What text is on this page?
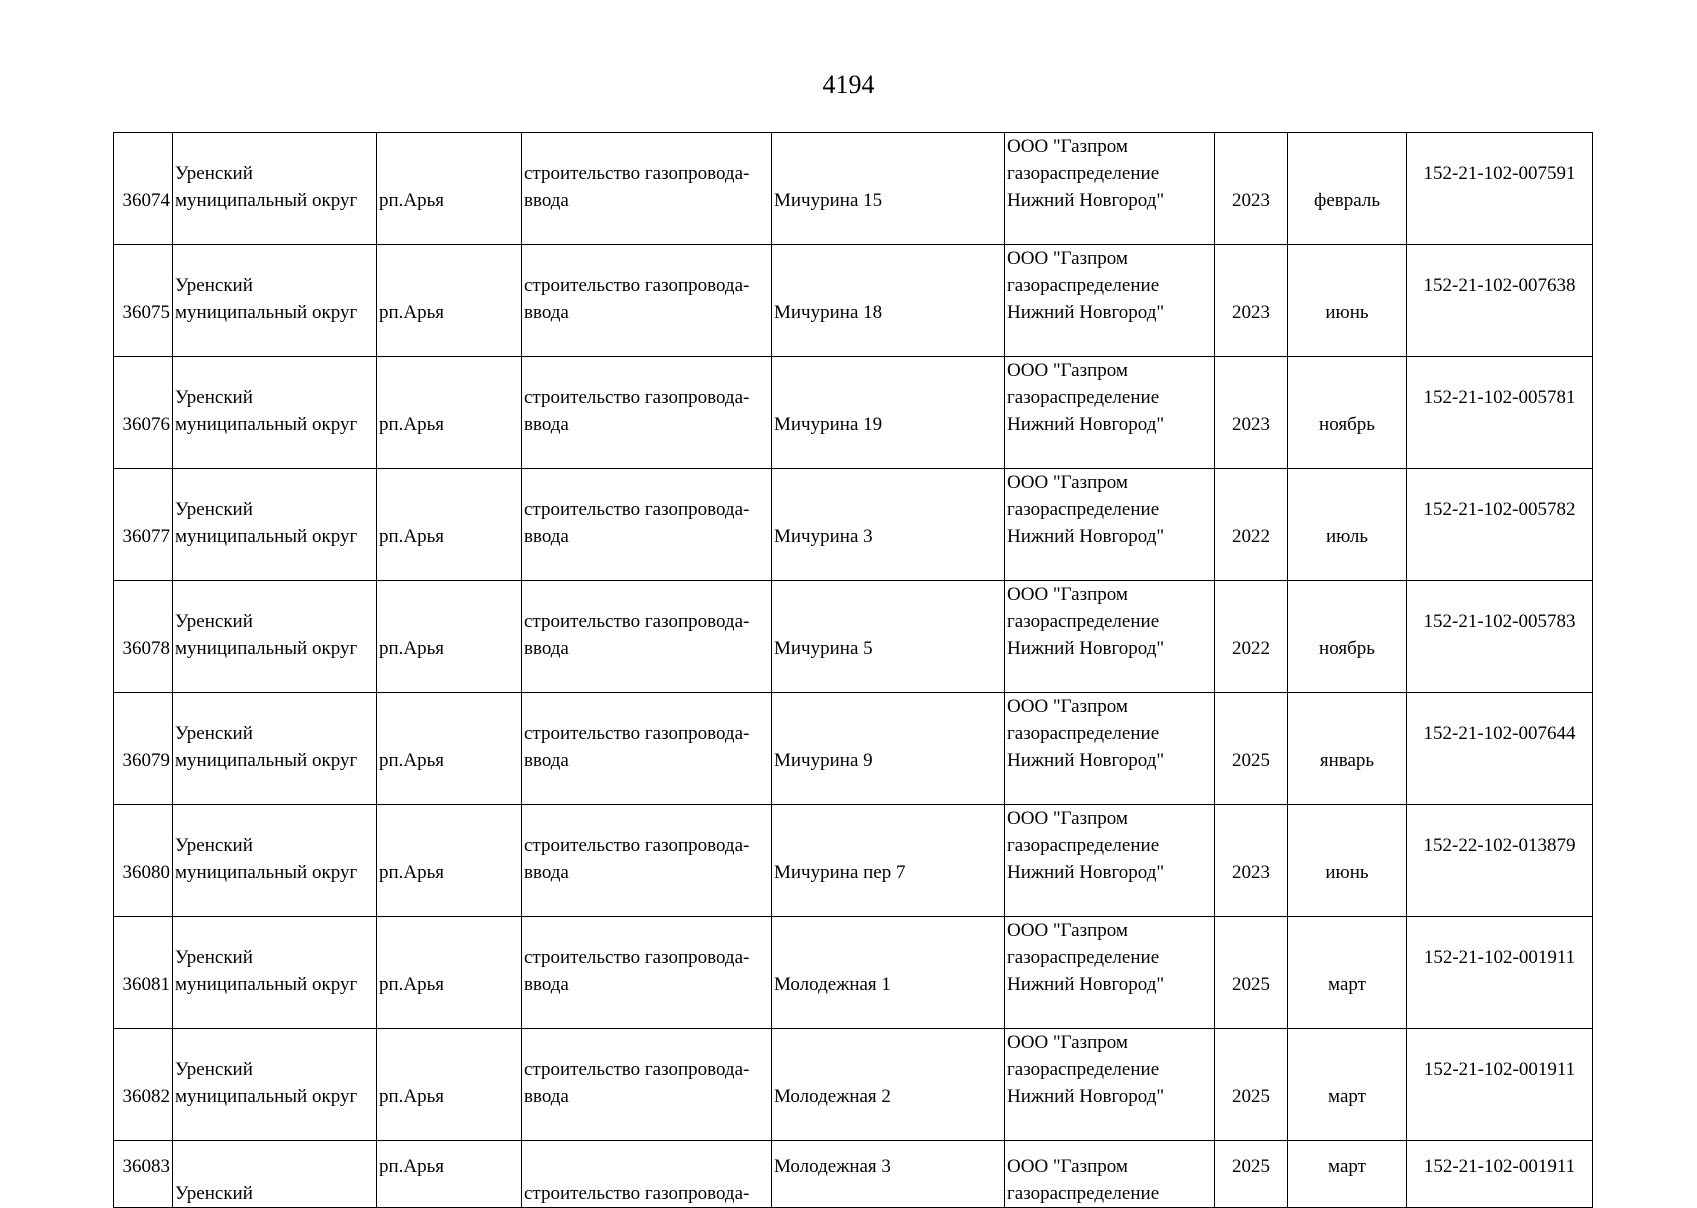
4194
36074	Уренский
муниципальный округ	рп.Арья	строительство газопровода-
ввода	Мичурина 15	ООО "Газпром
газораспределение
Нижний Новгород"	2023	февраль	152-21-102-007591

36075	Уренский
муниципальный округ	рп.Арья	строительство газопровода-
ввода	Мичурина 18	ООО "Газпром
газораспределение
Нижний Новгород"	2023	июнь	152-21-102-007638

36076	Уренский
муниципальный округ	рп.Арья	строительство газопровода-
ввода	Мичурина 19	ООО "Газпром
газораспределение
Нижний Новгород"	2023	ноябрь	152-21-102-005781

36077	Уренский
муниципальный округ	рп.Арья	строительство газопровода-
ввода	Мичурина 3	ООО "Газпром
газораспределение
Нижний Новгород"	2022	июль	152-21-102-005782

36078	Уренский
муниципальный округ	рп.Арья	строительство газопровода-
ввода	Мичурина 5	ООО "Газпром
газораспределение
Нижний Новгород"	2022	ноябрь	152-21-102-005783

36079	Уренский
муниципальный округ	рп.Арья	строительство газопровода-
ввода	Мичурина 9	ООО "Газпром
газораспределение
Нижний Новгород"	2025	январь	152-21-102-007644

36080	Уренский
муниципальный округ	рп.Арья	строительство газопровода-
ввода	Мичурина пер 7	ООО "Газпром
газораспределение
Нижний Новгород"	2023	июнь	152-22-102-013879

36081	Уренский
муниципальный округ	рп.Арья	строительство газопровода-
ввода	Молодежная 1	ООО "Газпром
газораспределение
Нижний Новгород"	2025	март	152-21-102-001911

36082	Уренский
муниципальный округ	рп.Арья	строительство газопровода-
ввода	Молодежная 2	ООО "Газпром
газораспределение
Нижний Новгород"	2025	март	152-21-102-001911

36083	Уренский	рп.Арья	строительство газопровода-	Молодежная 3	ООО "Газпром
газораспределение	2025	март	152-21-102-001911
